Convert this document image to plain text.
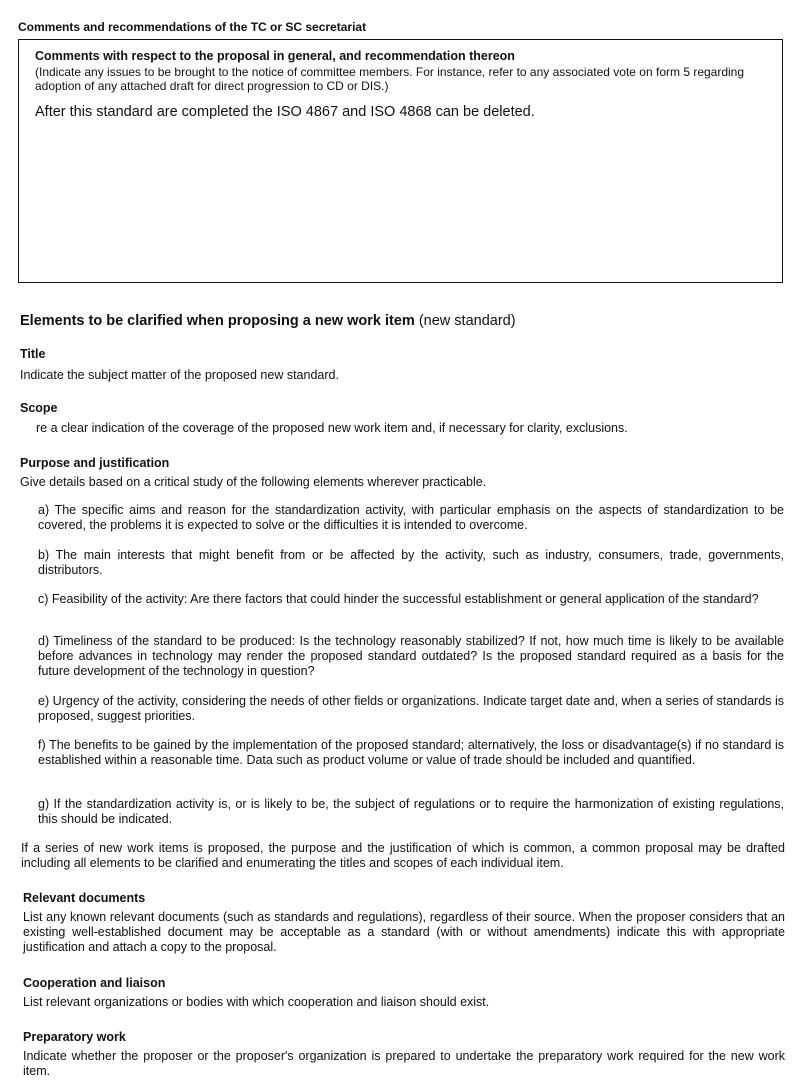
Comments and recommendations of the TC or SC secretariat
Comments with respect to the proposal in general, and recommendation thereon
(Indicate any issues to be brought to the notice of committee members. For instance, refer to any associated vote on form 5 regarding adoption of any attached draft for direct progression to CD or DIS.)
After this standard are completed the ISO 4867 and ISO 4868 can be deleted.
Elements to be clarified when proposing a new work item (new standard)
Title
Indicate the subject matter of the proposed new standard.
Scope
re a clear indication of the coverage of the proposed new work item and, if necessary for clarity, exclusions.
Purpose and justification
Give details based on a critical study of the following elements wherever practicable.
a) The specific aims and reason for the standardization activity, with particular emphasis on the aspects of standardization to be covered, the problems it is expected to solve or the difficulties it is intended to overcome.
b) The main interests that might benefit from or be affected by the activity, such as industry, consumers, trade, governments, distributors.
c) Feasibility of the activity: Are there factors that could hinder the successful establishment or general application of the standard?
d) Timeliness of the standard to be produced: Is the technology reasonably stabilized? If not, how much time is likely to be available before advances in technology may render the proposed standard outdated? Is the proposed standard required as a basis for the future development of the technology in question?
e) Urgency of the activity, considering the needs of other fields or organizations. Indicate target date and, when a series of standards is proposed, suggest priorities.
f) The benefits to be gained by the implementation of the proposed standard; alternatively, the loss or disadvantage(s) if no standard is established within a reasonable time. Data such as product volume or value of trade should be included and quantified.
g) If the standardization activity is, or is likely to be, the subject of regulations or to require the harmonization of existing regulations, this should be indicated.
If a series of new work items is proposed, the purpose and the justification of which is common, a common proposal may be drafted including all elements to be clarified and enumerating the titles and scopes of each individual item.
Relevant documents
List any known relevant documents (such as standards and regulations), regardless of their source. When the proposer considers that an existing well-established document may be acceptable as a standard (with or without amendments) indicate this with appropriate justification and attach a copy to the proposal.
Cooperation and liaison
List relevant organizations or bodies with which cooperation and liaison should exist.
Preparatory work
Indicate whether the proposer or the proposer's organization is prepared to undertake the preparatory work required for the new work item.
